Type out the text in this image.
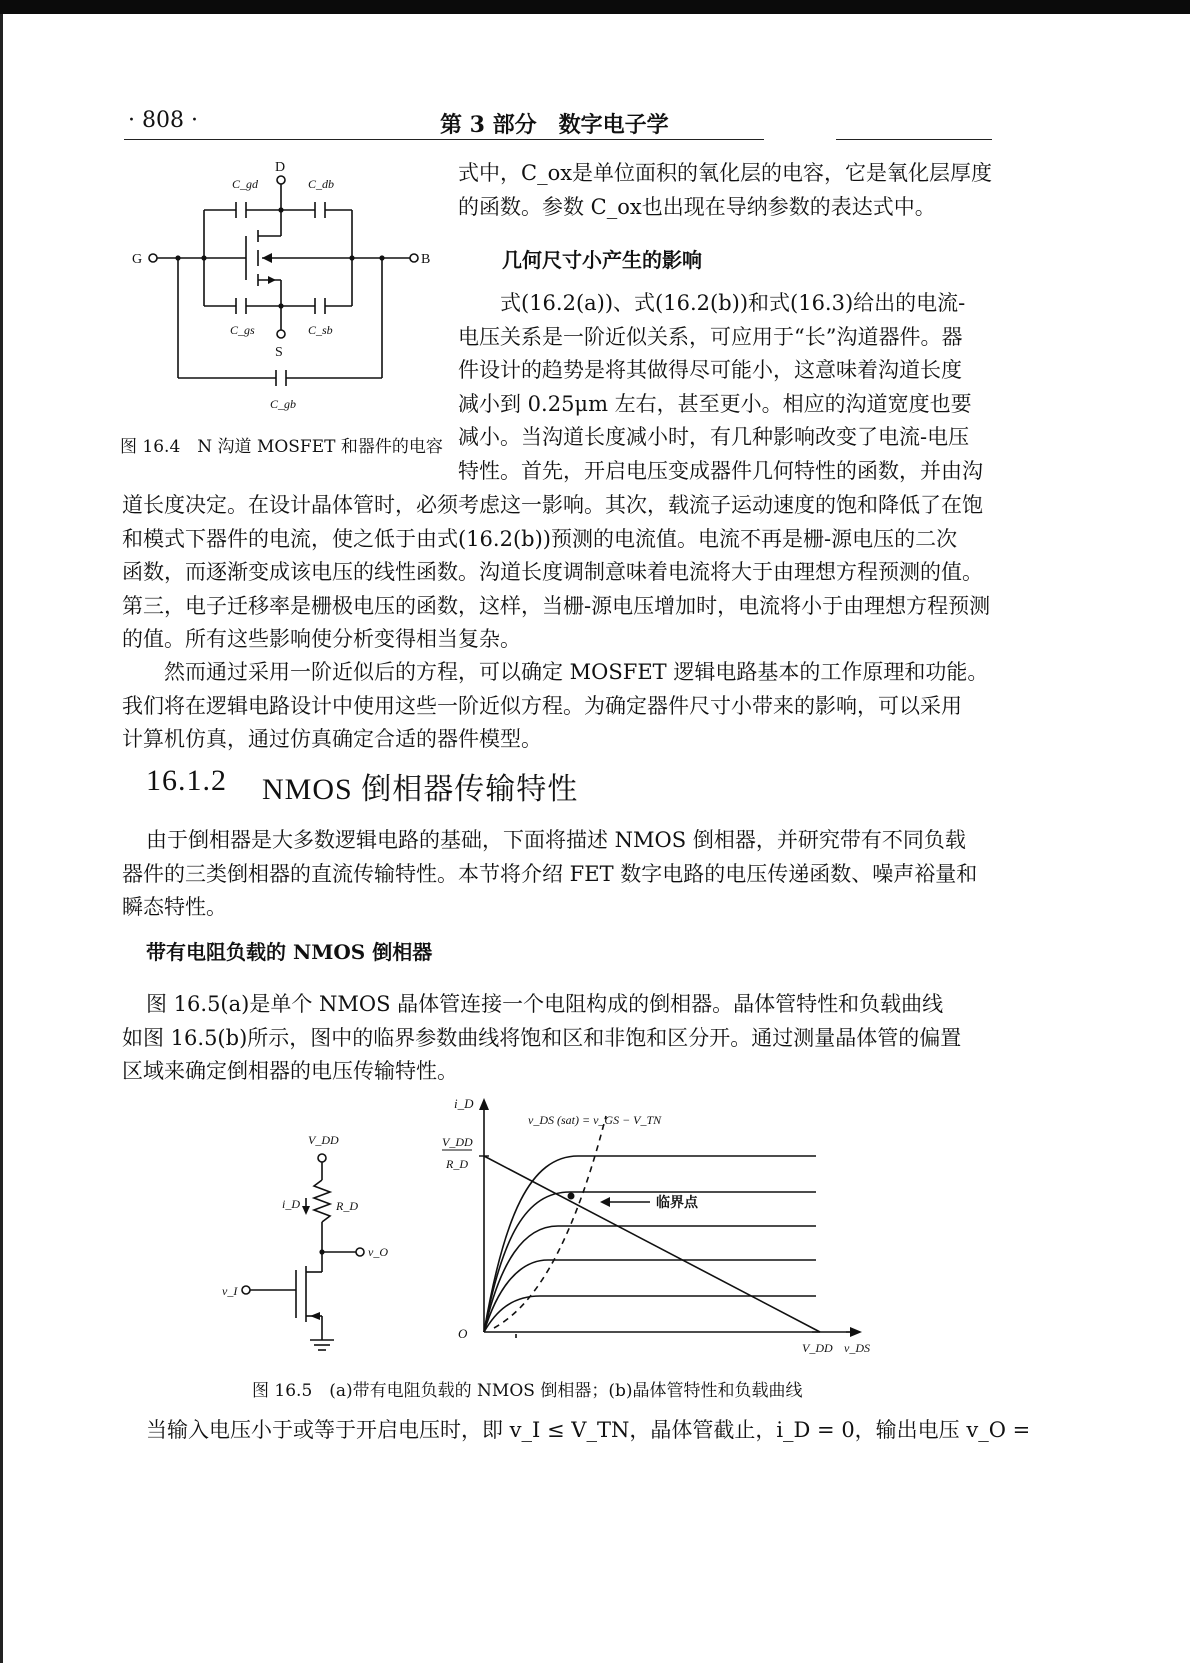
· 808 ·	第 3 部分　数字电子学
D
G	B
S
C_gd	C_db
C_gs	C_sb
C_gb
图 16.4　N 沟道 MOSFET 和器件的电容
式中，C_ox是单位面积的氧化层的电容，它是氧化层厚度
的函数。参数 C_ox也出现在导纳参数的表达式中。
几何尺寸小产生的影响
式(16.2(a))、式(16.2(b))和式(16.3)给出的电流-
电压关系是一阶近似关系，可应用于“长”沟道器件。器
件设计的趋势是将其做得尽可能小，这意味着沟道长度
减小到 0.25μm 左右，甚至更小。相应的沟道宽度也要
减小。当沟道长度减小时，有几种影响改变了电流-电压
特性。首先，开启电压变成器件几何特性的函数，并由沟
道长度决定。在设计晶体管时，必须考虑这一影响。其次，载流子运动速度的饱和降低了在饱
和模式下器件的电流，使之低于由式(16.2(b))预测的电流值。电流不再是栅-源电压的二次
函数，而逐渐变成该电压的线性函数。沟道长度调制意味着电流将大于由理想方程预测的值。
第三，电子迁移率是栅极电压的函数，这样，当栅-源电压增加时，电流将小于由理想方程预测
的值。所有这些影响使分析变得相当复杂。
然而通过采用一阶近似后的方程，可以确定 MOSFET 逻辑电路基本的工作原理和功能。
我们将在逻辑电路设计中使用这些一阶近似方程。为确定器件尺寸小带来的影响，可以采用
计算机仿真，通过仿真确定合适的器件模型。
16.1.2 NMOS 倒相器传输特性
由于倒相器是大多数逻辑电路的基础，下面将描述 NMOS 倒相器，并研究带有不同负载
器件的三类倒相器的直流传输特性。本节将介绍 FET 数字电路的电压传递函数、噪声裕量和
瞬态特性。
带有电阻负载的 NMOS 倒相器
图 16.5(a)是单个 NMOS 晶体管连接一个电阻构成的倒相器。晶体管特性和负载曲线
如图 16.5(b)所示，图中的临界参数曲线将饱和区和非饱和区分开。通过测量晶体管的偏置
区域来确定倒相器的电压传输特性。
V_DD
i_D	R_D
v_O
v_I
i_D
v_DS (sat) = v_GS − V_TN
V_DD
R_D
O
V_DD v_DS
临界点
图 16.5　(a)带有电阻负载的 NMOS 倒相器；(b)晶体管特性和负载曲线
当输入电压小于或等于开启电压时，即 v_I ≤ V_TN，晶体管截止，i_D = 0，输出电压 v_O =
